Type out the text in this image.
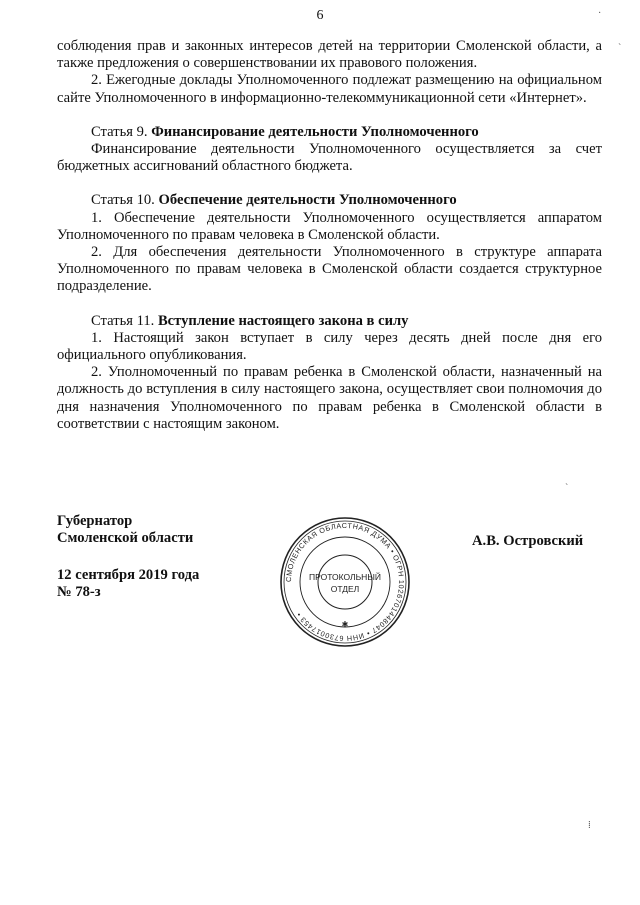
6

соблюдения прав и законных интересов детей на территории Смоленской области, а также предложения о совершенствовании их правового положения.

2. Ежегодные доклады Уполномоченного подлежат размещению на официальном сайте Уполномоченного в информационно-телекоммуникационной сети «Интернет».

Статья 9. Финансирование деятельности Уполномоченного

Финансирование деятельности Уполномоченного осуществляется за счет бюджетных ассигнований областного бюджета.

Статья 10. Обеспечение деятельности Уполномоченного

1. Обеспечение деятельности Уполномоченного осуществляется аппаратом Уполномоченного по правам человека в Смоленской области.

2. Для обеспечения деятельности Уполномоченного в структуре аппарата Уполномоченного по правам человека в Смоленской области создается структурное подразделение.

Статья 11. Вступление настоящего закона в силу

1. Настоящий закон вступает в силу через десять дней после дня его официального опубликования.

2. Уполномоченный по правам ребенка в Смоленской области, назначенный на должность до вступления в силу настоящего закона, осуществляет свои полномочия до дня назначения Уполномоченного по правам ребенка в Смоленской области в соответствии с настоящим законом.

Губернатор
Смоленской области
12 сентября 2019 года
№ 78-з
А.В. Островский
СМОЛЕНСКАЯ ОБЛАСТНАЯ ДУМА • ОГРН 1026701448047 • ИНН 6730017453 •
ПРОТОКОЛЬНЫЙ
ОТДЕЛ
✱
·
˴
˴
⁞
